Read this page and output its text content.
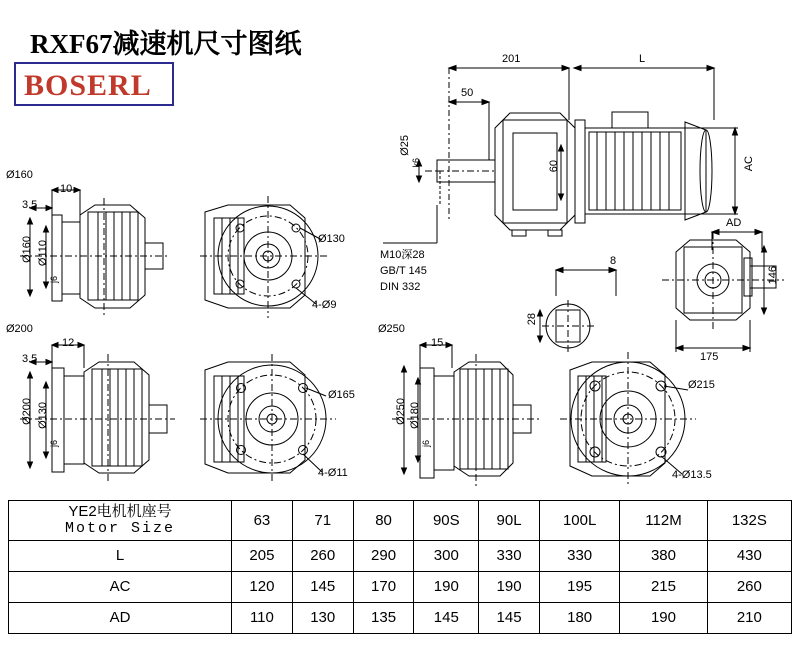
RXF67减速机尺寸图纸
BOSERL
201	L
50
Ø25
k6	60	AC
M10深28
GB/T 145
DIN 332
8
28
AD
146
175
Ø160
10
3.5
Ø160 Ø110
j6
Ø130
4-Ø9
Ø200
12
3.5
Ø200 Ø130
j6
Ø165
4-Ø11
Ø250
15
Ø250 Ø180
j6
Ø215
4-Ø13.5
YE2电机机座号
Motor Size	63	71	80	90S	90L	100L	112M	132S
L	205	260	290	300	330	330	380	430
AC	120	145	170	190	190	195	215	260
AD	110	130	135	145	145	180	190	210
